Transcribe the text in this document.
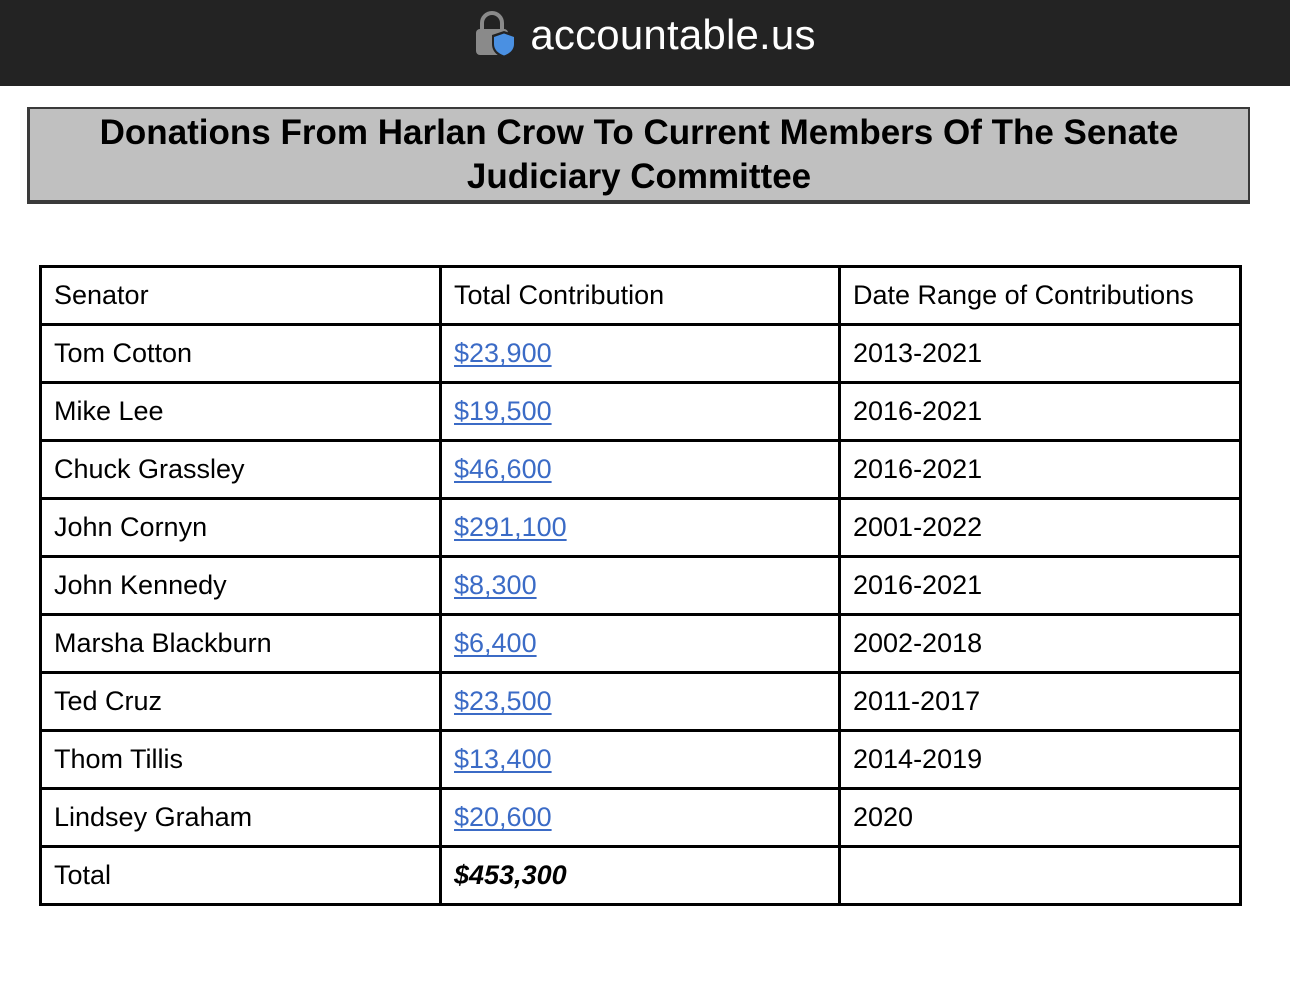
accountable.us
Donations From Harlan Crow To Current Members Of The Senate Judiciary Committee
Senator	Total Contribution	Date Range of Contributions
Tom Cotton	$23,900	2013-2021
Mike Lee	$19,500	2016-2021
Chuck Grassley	$46,600	2016-2021
John Cornyn	$291,100	2001-2022
John Kennedy	$8,300	2016-2021
Marsha Blackburn	$6,400	2002-2018
Ted Cruz	$23,500	2011-2017
Thom Tillis	$13,400	2014-2019
Lindsey Graham	$20,600	2020
Total	$453,300	
